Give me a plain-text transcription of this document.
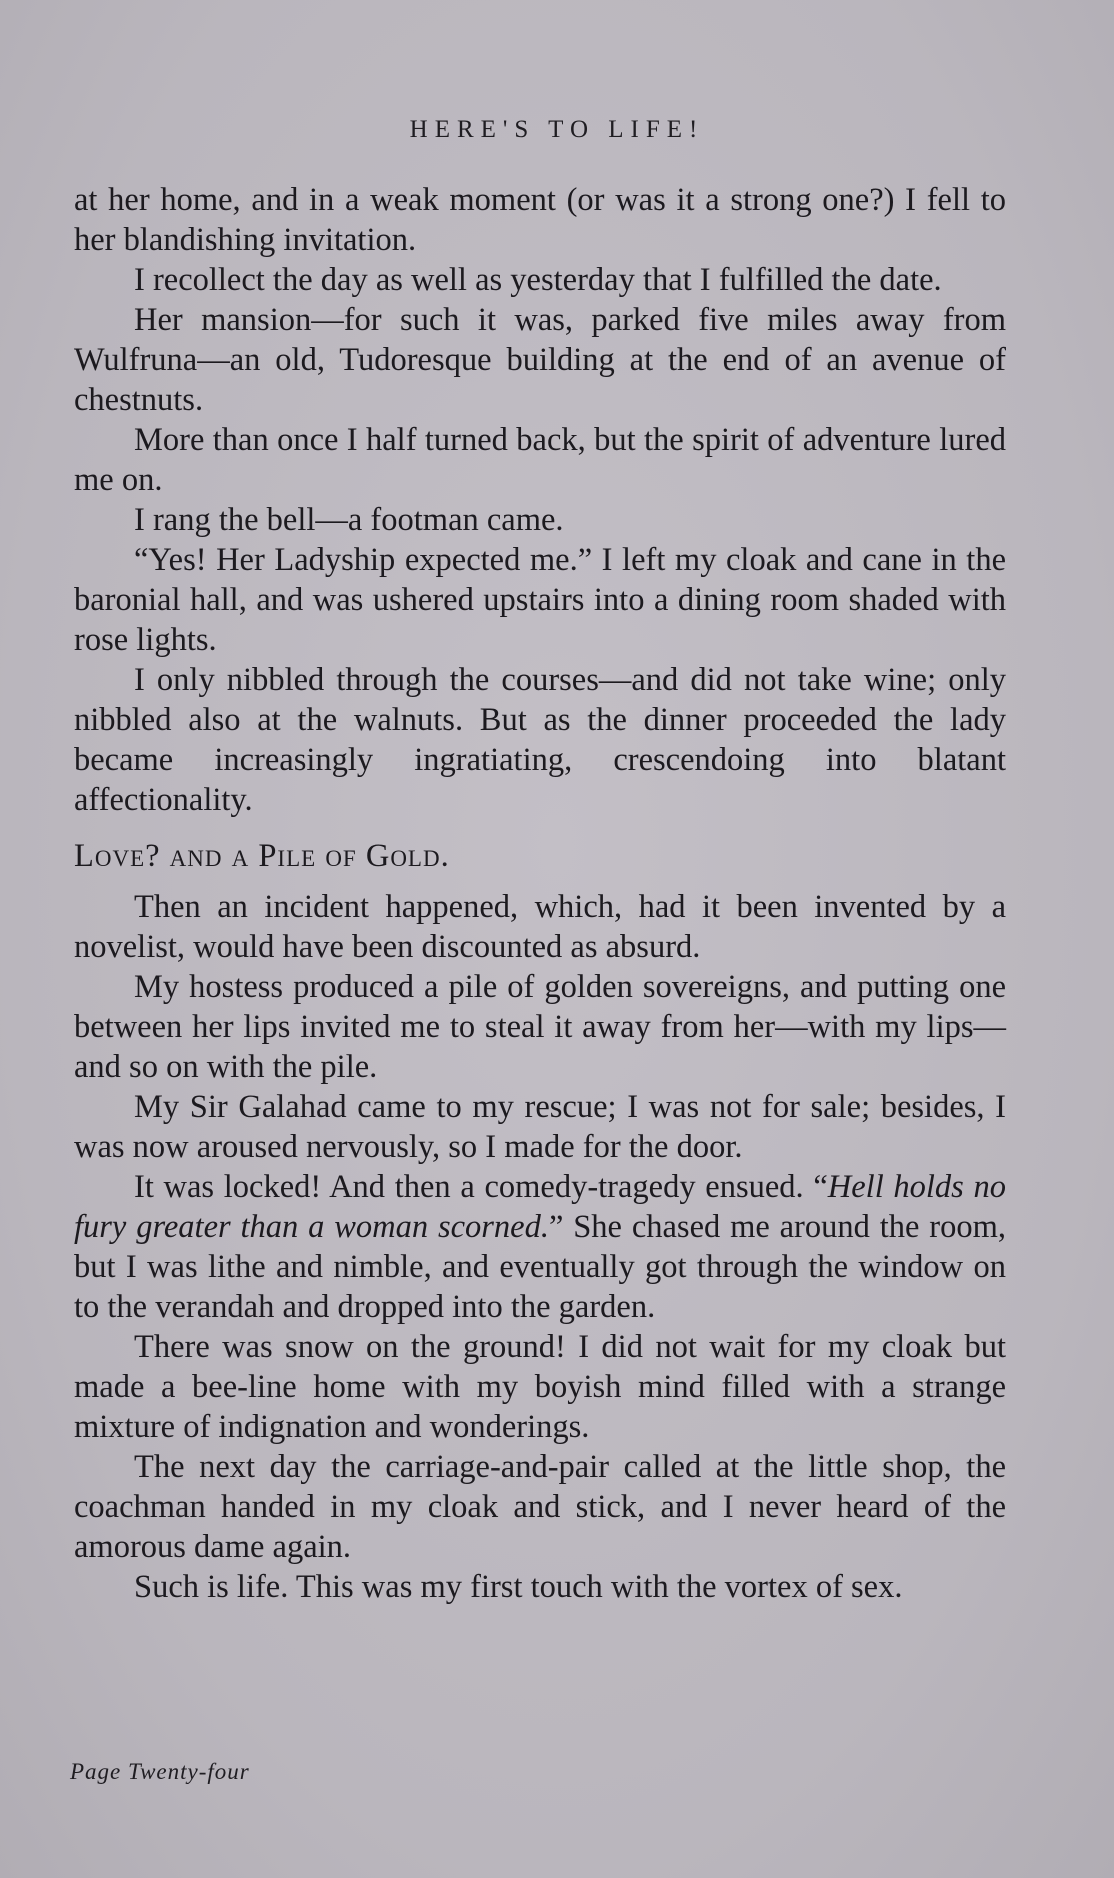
HERE'S TO LIFE!

at her home, and in a weak moment (or was it a strong one?) I fell to her blandishing invitation.

I recollect the day as well as yesterday that I fulfilled the date.

Her mansion—for such it was, parked five miles away from Wulfruna—an old, Tudoresque building at the end of an avenue of chestnuts.

More than once I half turned back, but the spirit of adventure lured me on.

I rang the bell—a footman came.

“Yes! Her Ladyship expected me.” I left my cloak and cane in the baronial hall, and was ushered upstairs into a dining room shaded with rose lights.

I only nibbled through the courses—and did not take wine; only nibbled also at the walnuts. But as the dinner proceeded the lady became increasingly ingratiating, crescendoing into blatant affectionality.

Love? and a Pile of Gold.

Then an incident happened, which, had it been invented by a novelist, would have been discounted as absurd.

My hostess produced a pile of golden sovereigns, and putting one between her lips invited me to steal it away from her—with my lips—and so on with the pile.

My Sir Galahad came to my rescue; I was not for sale; besides, I was now aroused nervously, so I made for the door.

It was locked! And then a comedy-tragedy ensued. “Hell holds no fury greater than a woman scorned.” She chased me around the room, but I was lithe and nimble, and eventually got through the window on to the verandah and dropped into the garden.

There was snow on the ground! I did not wait for my cloak but made a bee-line home with my boyish mind filled with a strange mixture of indignation and wonderings.

The next day the carriage-and-pair called at the little shop, the coachman handed in my cloak and stick, and I never heard of the amorous dame again.

Such is life. This was my first touch with the vortex of sex.

Page Twenty-four
